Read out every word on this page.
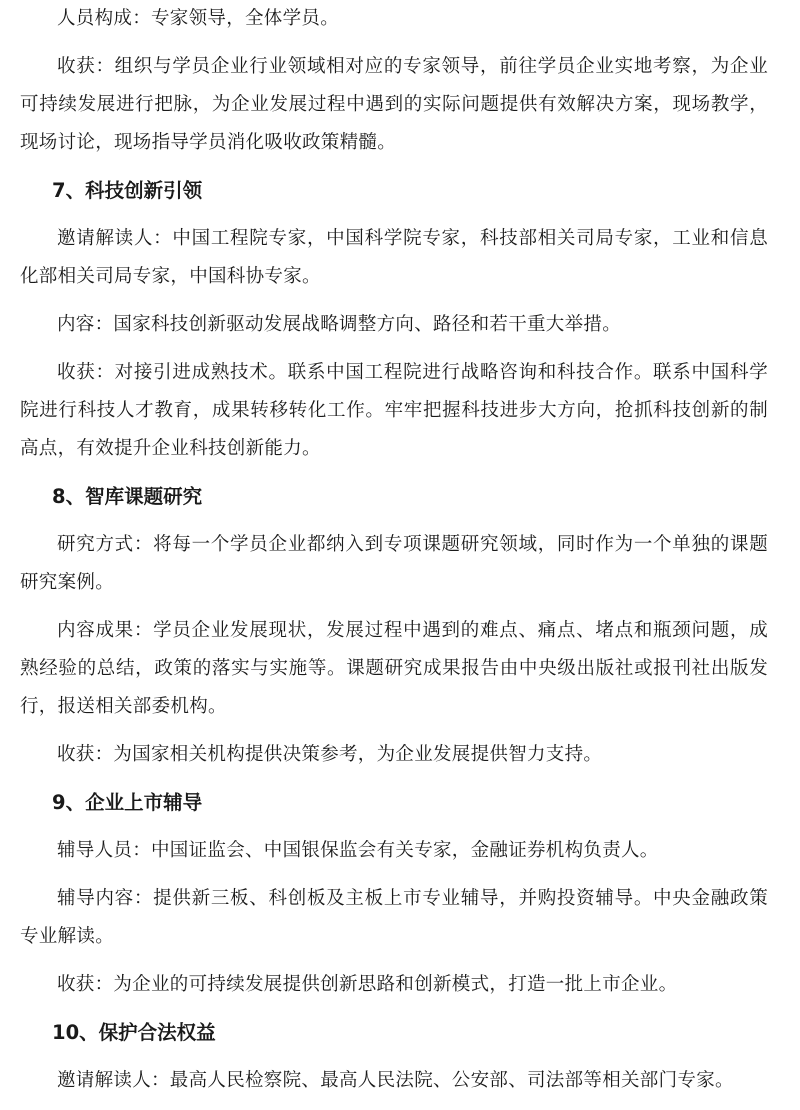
人员构成：专家领导，全体学员。

收获：组织与学员企业行业领域相对应的专家领导，前往学员企业实地考察，为企业可持续发展进行把脉，为企业发展过程中遇到的实际问题提供有效解决方案，现场教学，现场讨论，现场指导学员消化吸收政策精髓。

7、科技创新引领

邀请解读人：中国工程院专家，中国科学院专家，科技部相关司局专家，工业和信息化部相关司局专家，中国科协专家。

内容：国家科技创新驱动发展战略调整方向、路径和若干重大举措。

收获：对接引进成熟技术。联系中国工程院进行战略咨询和科技合作。联系中国科学院进行科技人才教育，成果转移转化工作。牢牢把握科技进步大方向，抢抓科技创新的制高点，有效提升企业科技创新能力。

8、智库课题研究

研究方式：将每一个学员企业都纳入到专项课题研究领域，同时作为一个单独的课题研究案例。

内容成果：学员企业发展现状，发展过程中遇到的难点、痛点、堵点和瓶颈问题，成熟经验的总结，政策的落实与实施等。课题研究成果报告由中央级出版社或报刊社出版发行，报送相关部委机构。

收获：为国家相关机构提供决策参考，为企业发展提供智力支持。

9、企业上市辅导

辅导人员：中国证监会、中国银保监会有关专家，金融证券机构负责人。

辅导内容：提供新三板、科创板及主板上市专业辅导，并购投资辅导。中央金融政策专业解读。

收获：为企业的可持续发展提供创新思路和创新模式，打造一批上市企业。

10、保护合法权益

邀请解读人：最高人民检察院、最高人民法院、公安部、司法部等相关部门专家。
